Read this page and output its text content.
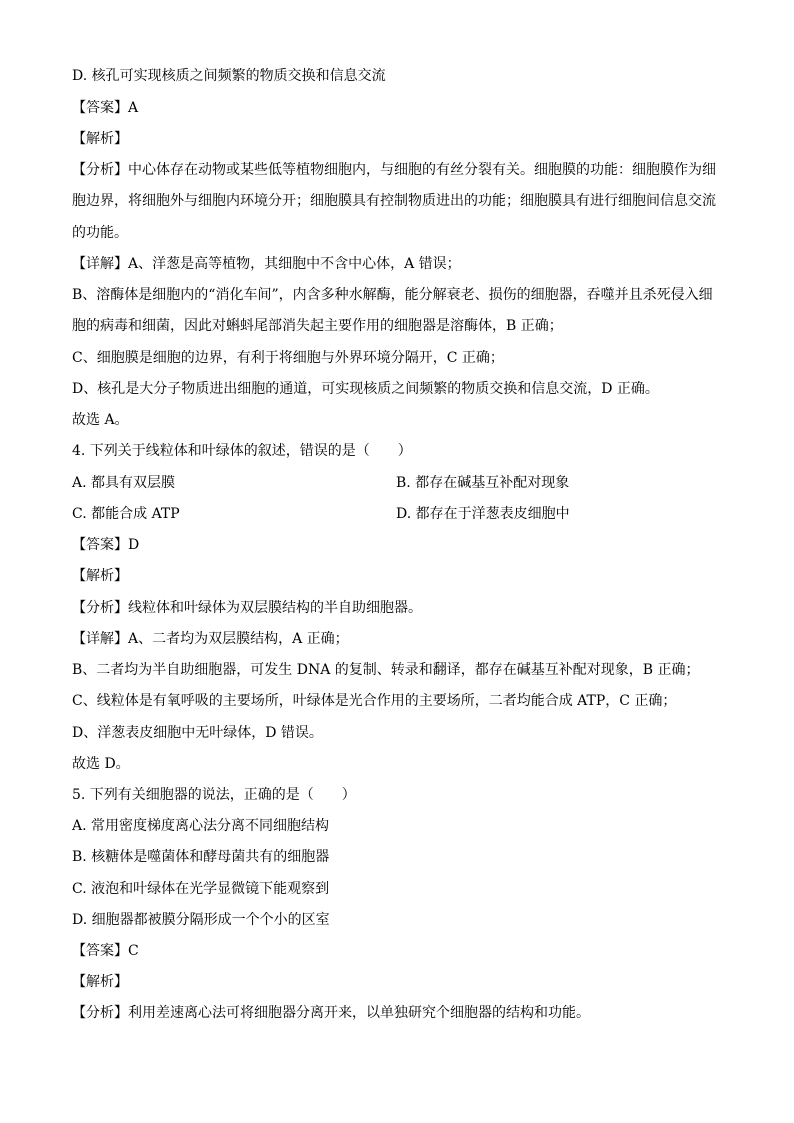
D. 核孔可实现核质之间频繁的物质交换和信息交流
【答案】A
【解析】
【分析】中心体存在动物或某些低等植物细胞内，与细胞的有丝分裂有关。细胞膜的功能：细胞膜作为细
胞边界，将细胞外与细胞内环境分开；细胞膜具有控制物质进出的功能；细胞膜具有进行细胞间信息交流
的功能。
【详解】A、洋葱是高等植物，其细胞中不含中心体，A 错误；
B、溶酶体是细胞内的“消化车间”，内含多种水解酶，能分解衰老、损伤的细胞器，吞噬并且杀死侵入细
胞的病毒和细菌，因此对蝌蚪尾部消失起主要作用的细胞器是溶酶体，B 正确；
C、细胞膜是细胞的边界，有利于将细胞与外界环境分隔开，C 正确；
D、核孔是大分子物质进出细胞的通道，可实现核质之间频繁的物质交换和信息交流，D 正确。
故选 A。
4. 下列关于线粒体和叶绿体的叙述，错误的是（　　）
A. 都具有双层膜	B. 都存在碱基互补配对现象
C. 都能合成 ATP	D. 都存在于洋葱表皮细胞中
【答案】D
【解析】
【分析】线粒体和叶绿体为双层膜结构的半自助细胞器。
【详解】A、二者均为双层膜结构，A 正确；
B、二者均为半自助细胞器，可发生 DNA 的复制、转录和翻译，都存在碱基互补配对现象，B 正确；
C、线粒体是有氧呼吸的主要场所，叶绿体是光合作用的主要场所，二者均能合成 ATP，C 正确；
D、洋葱表皮细胞中无叶绿体，D 错误。
故选 D。
5. 下列有关细胞器的说法，正确的是（　　）
A. 常用密度梯度离心法分离不同细胞结构
B. 核糖体是噬菌体和酵母菌共有的细胞器
C. 液泡和叶绿体在光学显微镜下能观察到
D. 细胞器都被膜分隔形成一个个小的区室
【答案】C
【解析】
【分析】利用差速离心法可将细胞器分离开来，以单独研究个细胞器的结构和功能。
